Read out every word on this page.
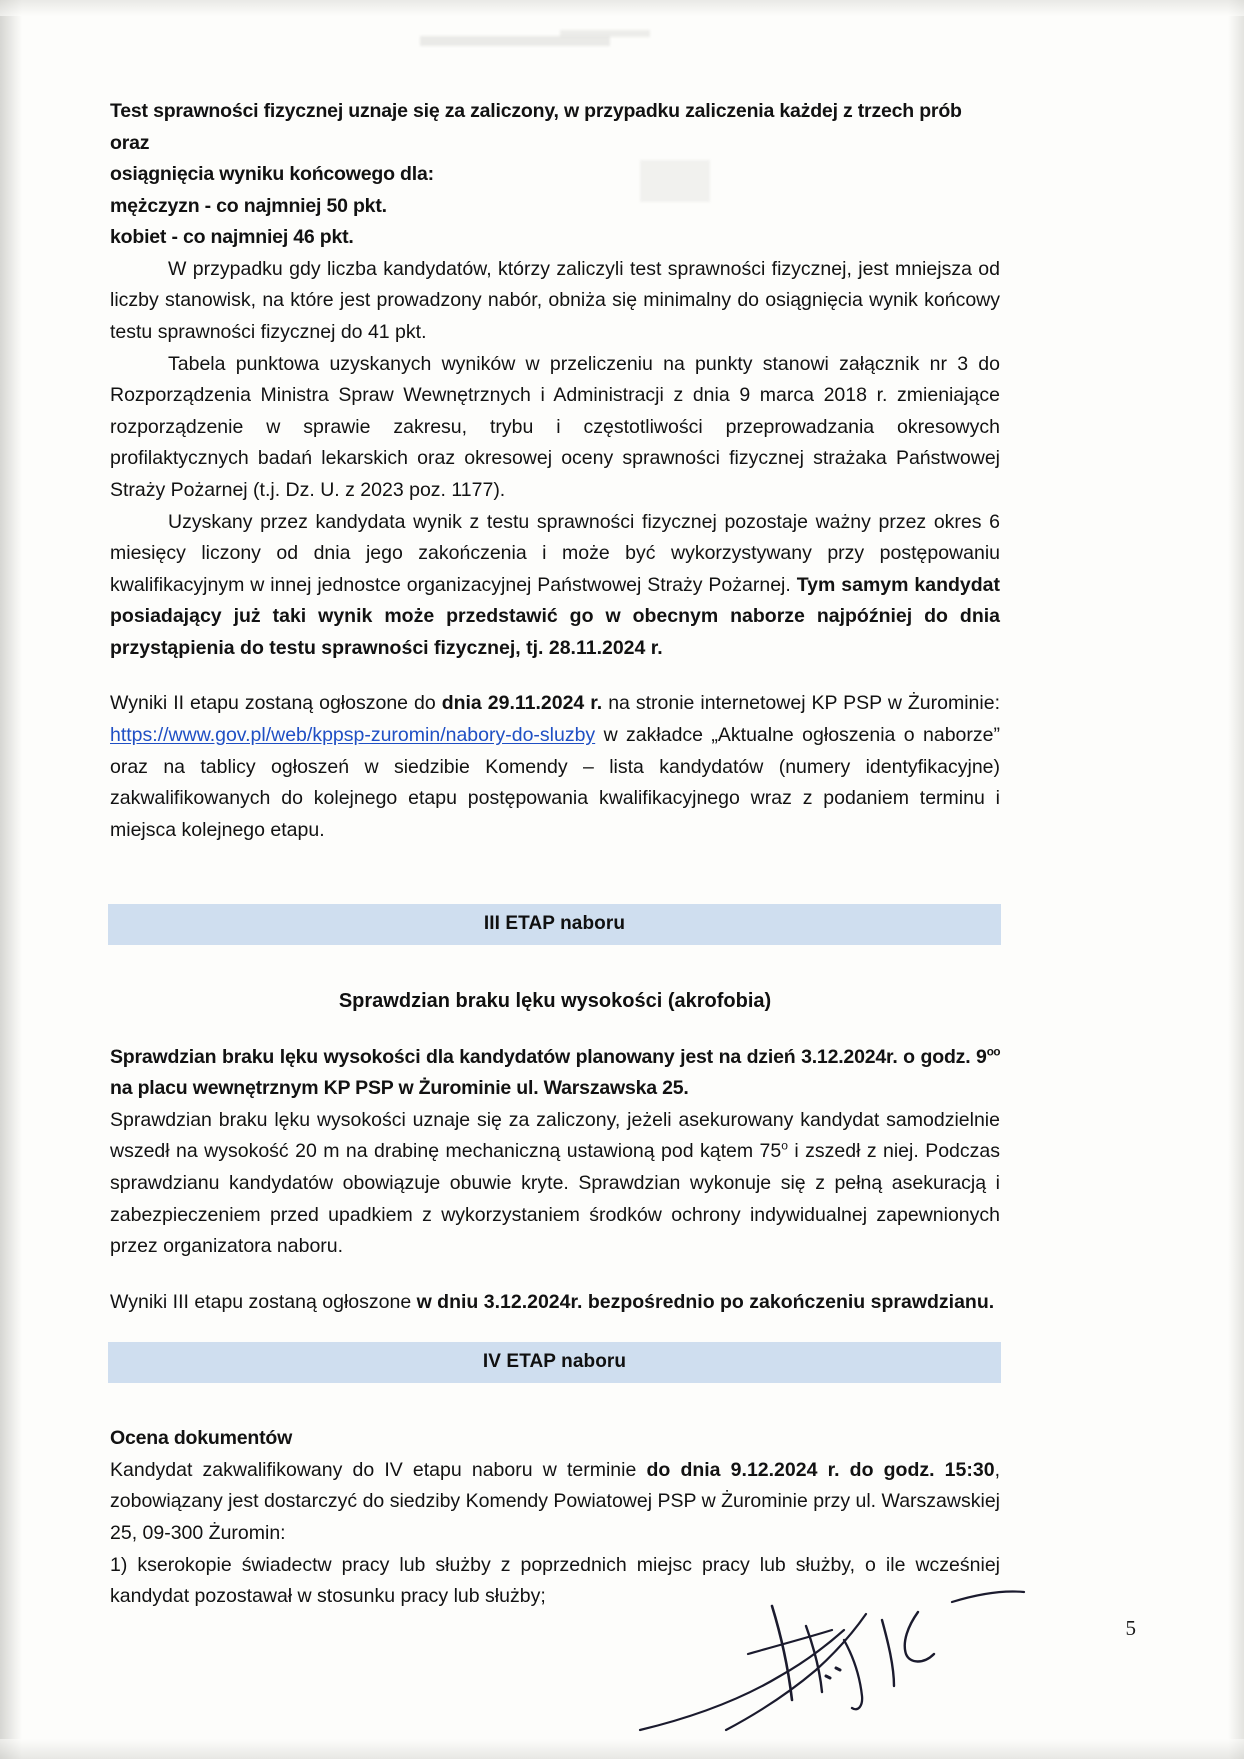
Test sprawności fizycznej uznaje się za zaliczony, w przypadku zaliczenia każdej z trzech prób oraz

osiągnięcia wyniku końcowego dla:

mężczyzn - co najmniej 50 pkt.

kobiet - co najmniej 46 pkt.

W przypadku gdy liczba kandydatów, którzy zaliczyli test sprawności fizycznej, jest mniejsza od liczby stanowisk, na które jest prowadzony nabór, obniża się minimalny do osiągnięcia wynik końcowy testu sprawności fizycznej do 41 pkt.

Tabela punktowa uzyskanych wyników w przeliczeniu na punkty stanowi załącznik nr 3 do Rozporządzenia Ministra Spraw Wewnętrznych i Administracji z dnia 9 marca 2018 r. zmieniające rozporządzenie w sprawie zakresu, trybu i częstotliwości przeprowadzania okresowych profilaktycznych badań lekarskich oraz okresowej oceny sprawności fizycznej strażaka Państwowej Straży Pożarnej (t.j. Dz. U. z 2023 poz. 1177).

Uzyskany przez kandydata wynik z testu sprawności fizycznej pozostaje ważny przez okres 6 miesięcy liczony od dnia jego zakończenia i może być wykorzystywany przy postępowaniu kwalifikacyjnym w innej jednostce organizacyjnej Państwowej Straży Pożarnej. Tym samym kandydat posiadający już taki wynik może przedstawić go w obecnym naborze najpóźniej do dnia przystąpienia do testu sprawności fizycznej, tj. 28.11.2024 r.

Wyniki II etapu zostaną ogłoszone do dnia 29.11.2024 r. na stronie internetowej KP PSP w Żurominie: https://www.gov.pl/web/kppsp-zuromin/nabory-do-sluzby w zakładce „Aktualne ogłoszenia o naborze” oraz na tablicy ogłoszeń w siedzibie Komendy – lista kandydatów (numery identyfikacyjne) zakwalifikowanych do kolejnego etapu postępowania kwalifikacyjnego wraz z podaniem terminu i miejsca kolejnego etapu.

III ETAP naboru

Sprawdzian braku lęku wysokości (akrofobia)

Sprawdzian braku lęku wysokości dla kandydatów planowany jest na dzień 3.12.2024r. o godz. $9^{oo}$ na placu wewnętrznym KP PSP w Żurominie ul. Warszawska 25.

Sprawdzian braku lęku wysokości uznaje się za zaliczony, jeżeli asekurowany kandydat samodzielnie wszedł na wysokość 20 m na drabinę mechaniczną ustawioną pod kątem 75$^o$ i zszedł z niej. Podczas sprawdzianu kandydatów obowiązuje obuwie kryte. Sprawdzian wykonuje się z pełną asekuracją i zabezpieczeniem przed upadkiem z wykorzystaniem środków ochrony indywidualnej zapewnionych przez organizatora naboru.

Wyniki III etapu zostaną ogłoszone w dniu 3.12.2024r. bezpośrednio po zakończeniu sprawdzianu.

IV ETAP naboru

Ocena dokumentów

Kandydat zakwalifikowany do IV etapu naboru w terminie do dnia 9.12.2024 r. do godz. 15:30, zobowiązany jest dostarczyć do siedziby Komendy Powiatowej PSP w Żurominie przy ul. Warszawskiej 25, 09-300 Żuromin:

1) kserokopie świadectw pracy lub służby z poprzednich miejsc pracy lub służby, o ile wcześniej kandydat pozostawał w stosunku pracy lub służby;

5
